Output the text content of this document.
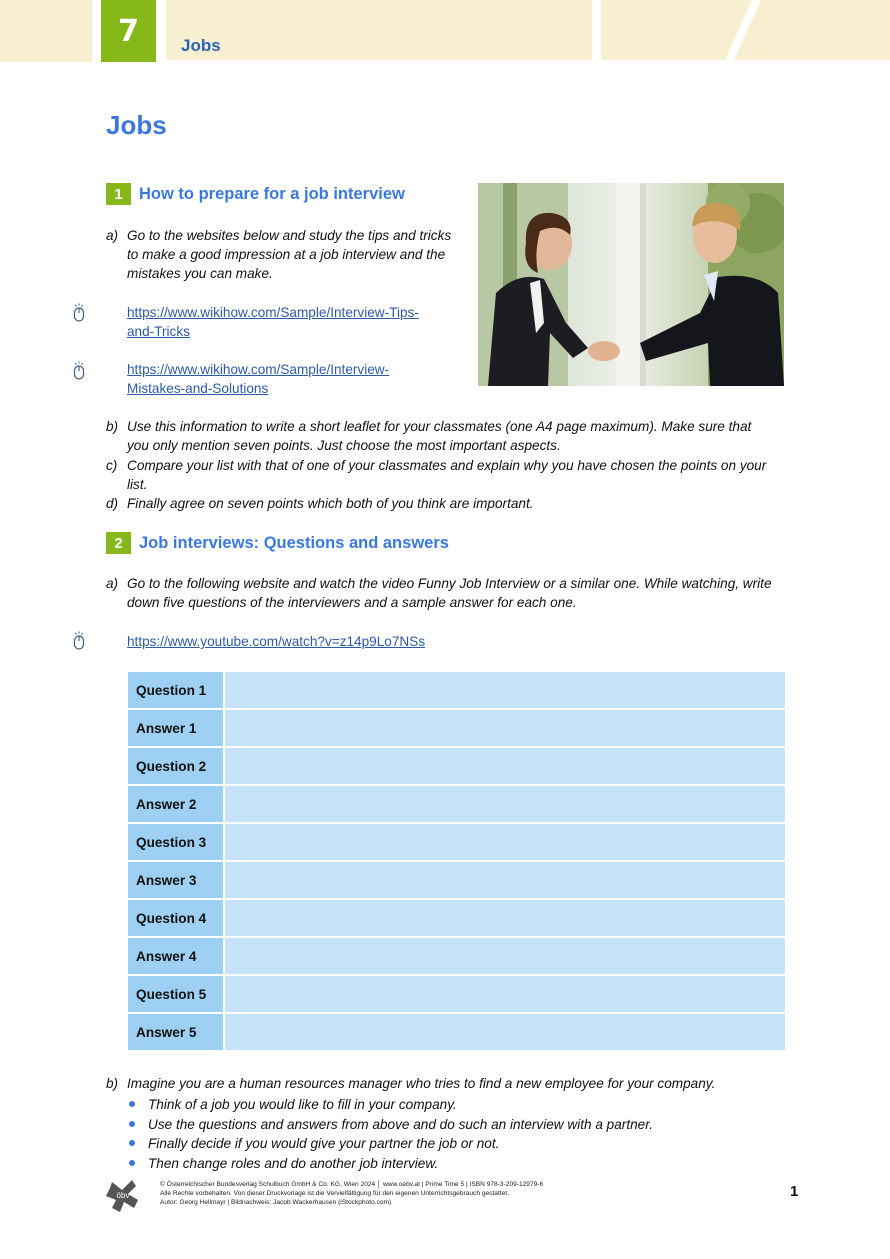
7	Jobs
Jobs
1 How to prepare for a job interview
a) Go to the websites below and study the tips and tricks
to make a good impression at a job interview and the
mistakes you can make.
https://www.wikihow.com/Sample/Interview-Tips-
and-Tricks
https://www.wikihow.com/Sample/Interview-
Mistakes-and-Solutions
b) Use this information to write a short leaflet for your classmates (one A4 page maximum). Make sure that
you only mention seven points. Just choose the most important aspects.
c) Compare your list with that of one of your classmates and explain why you have chosen the points on your
list.
d) Finally agree on seven points which both of you think are important.
2 Job interviews: Questions and answers
a) Go to the following website and watch the video Funny Job Interview or a similar one. While watching, write
down five questions of the interviewers and a sample answer for each one.
https://www.youtube.com/watch?v=z14p9Lo7NSs
Question 1	
Answer 1	
Question 2	
Answer 2	
Question 3	
Answer 3	
Question 4	
Answer 4	
Question 5	
Answer 5	
b) Imagine you are a human resources manager who tries to find a new employee for your company.
Think of a job you would like to fill in your company.
Use the questions and answers from above and do such an interview with a partner.
Finally decide if you would give your partner the job or not.
Then change roles and do another job interview.
öbv
© Österreichischer Bundesverlag Schulbuch GmbH & Co. KG, Wien 2024 │ www.oebv.at | Prime Time 5 | ISBN 978-3-209-12979-6
Alle Rechte vorbehalten. Von dieser Druckvorlage ist die Vervielfältigung für den eigenen Unterrichtsgebrauch gestattet.
Autor: Georg Hellmayr | Bildnachweis: Jacob Wackerhausen (iStockphoto.com)
1
